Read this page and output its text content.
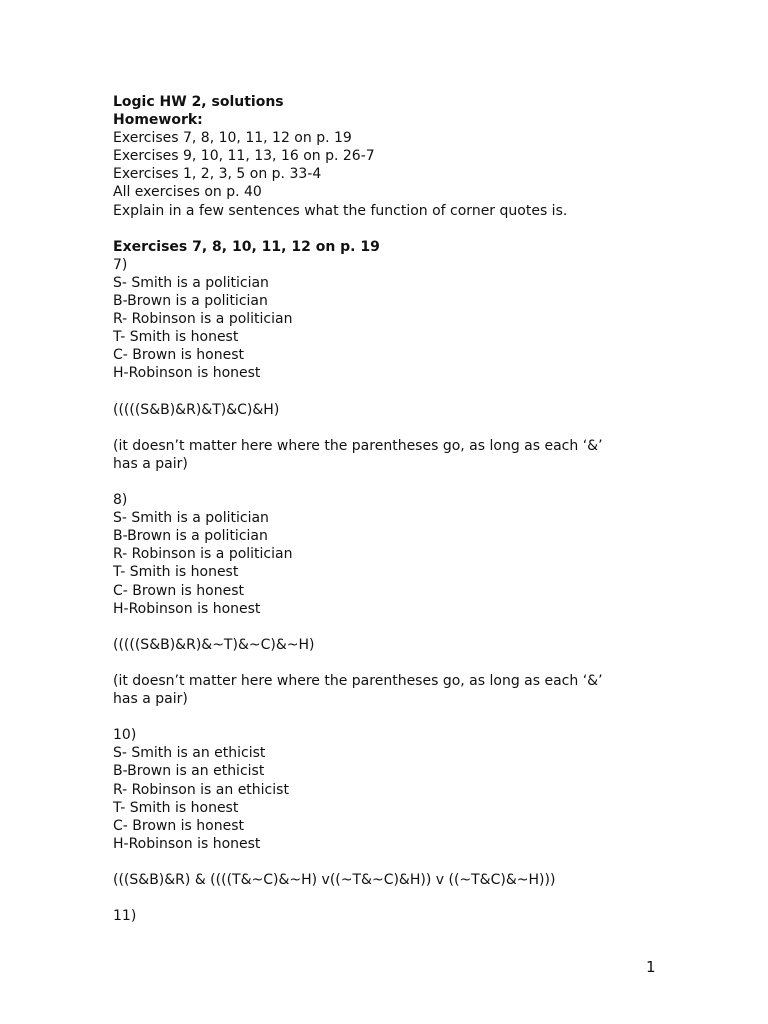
Logic HW 2, solutions
Homework:
Exercises 7, 8, 10, 11, 12 on p. 19
Exercises 9, 10, 11, 13, 16 on p. 26-7
Exercises 1, 2, 3, 5 on p. 33-4
All exercises on p. 40
Explain in a few sentences what the function of corner quotes is.
Exercises 7, 8, 10, 11, 12 on p. 19
7)
S- Smith is a politician
B-Brown is a politician
R- Robinson is a politician
T- Smith is honest
C- Brown is honest
H-Robinson is honest
(((((S&B)&R)&T)&C)&H)
(it doesn’t matter here where the parentheses go, as long as each ‘&’
has a pair)
8)
S- Smith is a politician
B-Brown is a politician
R- Robinson is a politician
T- Smith is honest
C- Brown is honest
H-Robinson is honest
(((((S&B)&R)&~T)&~C)&~H)
(it doesn’t matter here where the parentheses go, as long as each ‘&’
has a pair)
10)
S- Smith is an ethicist
B-Brown is an ethicist
R- Robinson is an ethicist
T- Smith is honest
C- Brown is honest
H-Robinson is honest
(((S&B)&R) & ((((T&~C)&~H) v((~T&~C)&H)) v ((~T&C)&~H)))
11)
1
